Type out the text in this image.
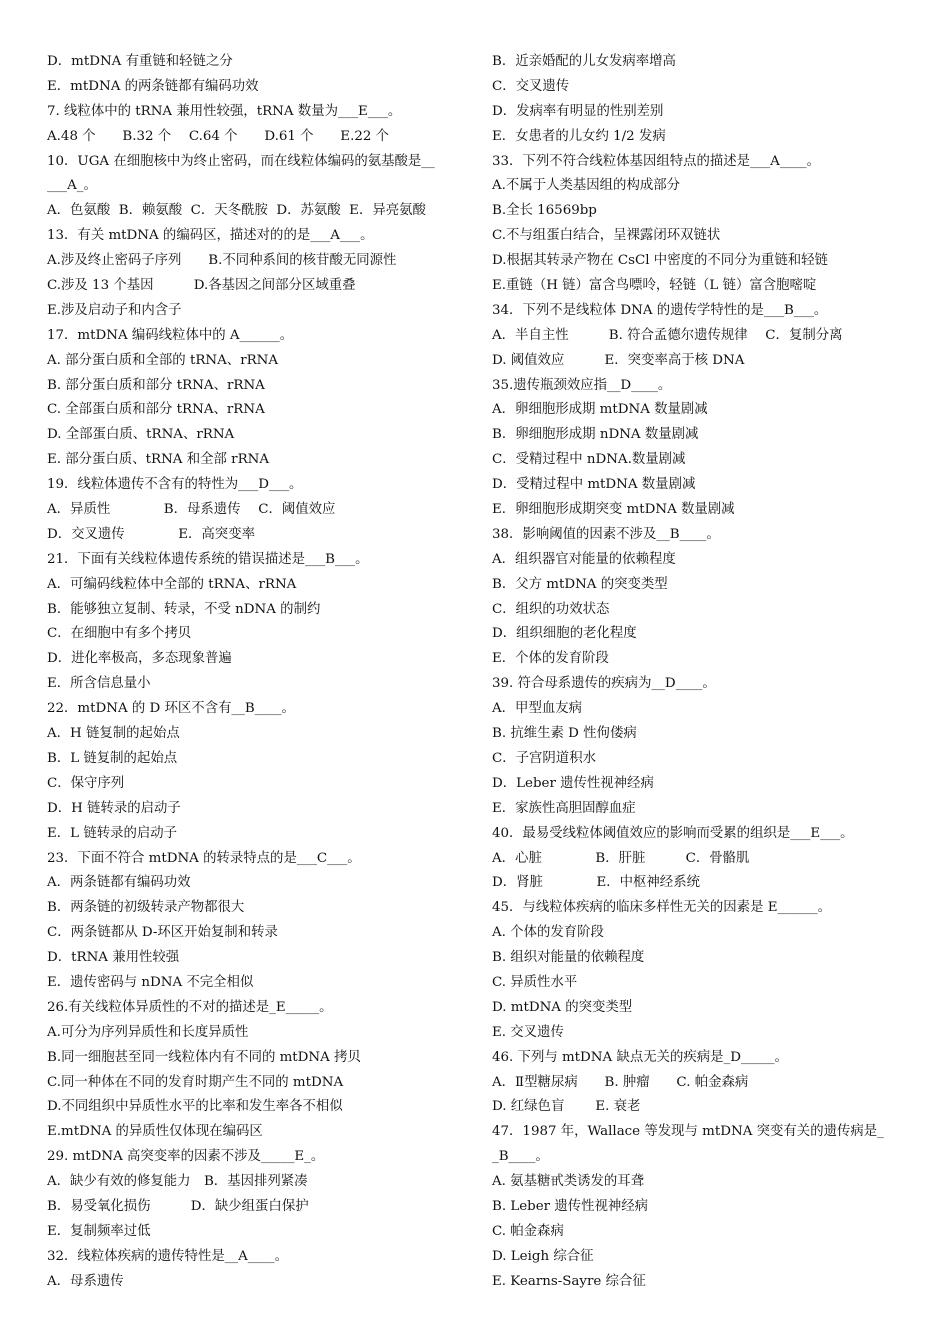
D．mtDNA 有重链和轻链之分
E．mtDNA 的两条链都有编码功效
7. 线粒体中的 tRNA 兼用性较强，tRNA 数量为___E___。
A.48 个　　B.32 个　 C.64 个　　D.61 个　　E.22 个
10．UGA 在细胞核中为终止密码，而在线粒体编码的氨基酸是__
___A_。
A．色氨酸  B．赖氨酸  C．天冬酰胺  D．苏氨酸  E．异亮氨酸
13．有关 mtDNA 的编码区，描述对的的是___A___。
A.涉及终止密码子序列　　B.不同种系间的核苷酸无同源性
C.涉及 13 个基因　　　D.各基因之间部分区域重叠
E.涉及启动子和内含子
17．mtDNA 编码线粒体中的 A______。
A. 部分蛋白质和全部的 tRNA、rRNA
B. 部分蛋白质和部分 tRNA、rRNA
C. 全部蛋白质和部分 tRNA、rRNA
D. 全部蛋白质、tRNA、rRNA
E. 部分蛋白质、tRNA 和全部 rRNA
19．线粒体遗传不含有的特性为___D___。
A．异质性　　　　B．母系遗传　 C．阈值效应
D．交叉遗传　　　　E．高突变率
21．下面有关线粒体遗传系统的错误描述是___B___。
A．可编码线粒体中全部的 tRNA、rRNA
B．能够独立复制、转录，不受 nDNA 的制约
C．在细胞中有多个拷贝
D．进化率极高，多态现象普遍
E．所含信息量小
22．mtDNA 的 D 环区不含有__B____。
A．H 链复制的起始点
B．L 链复制的起始点
C．保守序列
D．H 链转录的启动子
E．L 链转录的启动子
23．下面不符合 mtDNA 的转录特点的是___C___。
A．两条链都有编码功效
B．两条链的初级转录产物都很大
C．两条链都从 D-环区开始复制和转录
D．tRNA 兼用性较强
E．遗传密码与 nDNA 不完全相似
26.有关线粒体异质性的不对的描述是_E_____。
A.可分为序列异质性和长度异质性
B.同一细胞甚至同一线粒体内有不同的 mtDNA 拷贝
C.同一种体在不同的发育时期产生不同的 mtDNA
D.不同组织中异质性水平的比率和发生率各不相似
E.mtDNA 的异质性仅体现在编码区
29. mtDNA 高突变率的因素不涉及_____E_。
A．缺少有效的修复能力　B．基因排列紧凑
B．易受氧化损伤　　　D．缺少组蛋白保护
E．复制频率过低
32．线粒体疾病的遗传特性是__A____。
A．母系遗传
B．近亲婚配的儿女发病率增高
C．交叉遗传
D．发病率有明显的性别差别
E．女患者的儿女约 1/2 发病
33．下列不符合线粒体基因组特点的描述是___A____。
A.不属于人类基因组的构成部分
B.全长 16569bp
C.不与组蛋白结合，呈裸露闭环双链状
D.根据其转录产物在 CsCl 中密度的不同分为重链和轻链
E.重链（H 链）富含鸟嘌呤，轻链（L 链）富含胞嘧啶
34．下列不是线粒体 DNA 的遗传学特性的是___B___。
A．半自主性　　　B. 符合孟德尔遗传规律　 C．复制分离
D. 阈值效应　　　E．突变率高于核 DNA
35.遗传瓶颈效应指__D____。
A．卵细胞形成期 mtDNA 数量剧减
B．卵细胞形成期 nDNA 数量剧减
C．受精过程中 nDNA.数量剧减
D．受精过程中 mtDNA 数量剧减
E．卵细胞形成期突变 mtDNA 数量剧减
38．影响阈值的因素不涉及__B____。
A．组织器官对能量的依赖程度
B．父方 mtDNA 的突变类型
C．组织的功效状态
D．组织细胞的老化程度
E．个体的发育阶段
39. 符合母系遗传的疾病为__D____。
A．甲型血友病
B. 抗维生素 D 性佝偻病
C．子宫阴道积水
D．Leber 遗传性视神经病
E．家族性高胆固醇血症
40．最易受线粒体阈值效应的影响而受累的组织是___E___。
A．心脏　　　　B．肝脏　　　C．骨骼肌
D．肾脏　　　　E．中枢神经系统
45．与线粒体疾病的临床多样性无关的因素是 E______。
A. 个体的发育阶段
B. 组织对能量的依赖程度
C. 异质性水平
D. mtDNA 的突变类型
E. 交叉遗传
46. 下列与 mtDNA 缺点无关的疾病是_D_____。
A．Ⅱ型糖尿病　　B. 肿瘤　　C. 帕金森病
D. 红绿色盲　　 E. 衰老
47．1987 年，Wallace 等发现与 mtDNA 突变有关的遗传病是_
_B____。
A. 氨基糖甙类诱发的耳聋
B. Leber 遗传性视神经病
C. 帕金森病
D. Leigh 综合征
E. Kearns-Sayre 综合征
